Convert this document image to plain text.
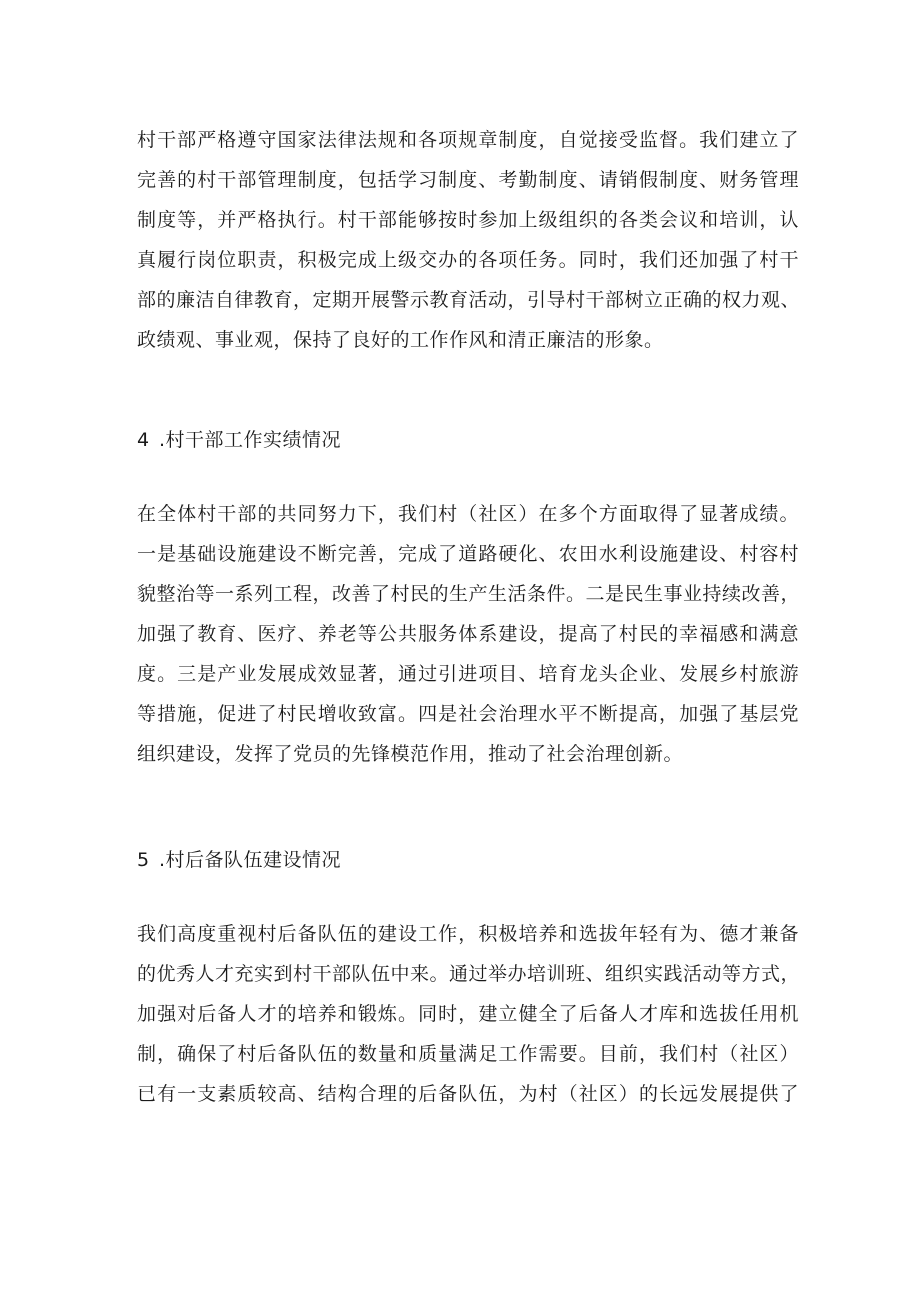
村干部严格遵守国家法律法规和各项规章制度，自觉接受监督。我们建立了
完善的村干部管理制度，包括学习制度、考勤制度、请销假制度、财务管理
制度等，并严格执行。村干部能够按时参加上级组织的各类会议和培训，认
真履行岗位职责，积极完成上级交办的各项任务。同时，我们还加强了村干
部的廉洁自律教育，定期开展警示教育活动，引导村干部树立正确的权力观、
政绩观、事业观，保持了良好的工作作风和清正廉洁的形象。
4 .村干部工作实绩情况
在全体村干部的共同努力下，我们村（社区）在多个方面取得了显著成绩。
一是基础设施建设不断完善，完成了道路硬化、农田水利设施建设、村容村
貌整治等一系列工程，改善了村民的生产生活条件。二是民生事业持续改善，
加强了教育、医疗、养老等公共服务体系建设，提高了村民的幸福感和满意
度。三是产业发展成效显著，通过引进项目、培育龙头企业、发展乡村旅游
等措施，促进了村民增收致富。四是社会治理水平不断提高，加强了基层党
组织建设，发挥了党员的先锋模范作用，推动了社会治理创新。
5 .村后备队伍建设情况
我们高度重视村后备队伍的建设工作，积极培养和选拔年轻有为、德才兼备
的优秀人才充实到村干部队伍中来。通过举办培训班、组织实践活动等方式，
加强对后备人才的培养和锻炼。同时，建立健全了后备人才库和选拔任用机
制，确保了村后备队伍的数量和质量满足工作需要。目前，我们村（社区）
已有一支素质较高、结构合理的后备队伍，为村（社区）的长远发展提供了
